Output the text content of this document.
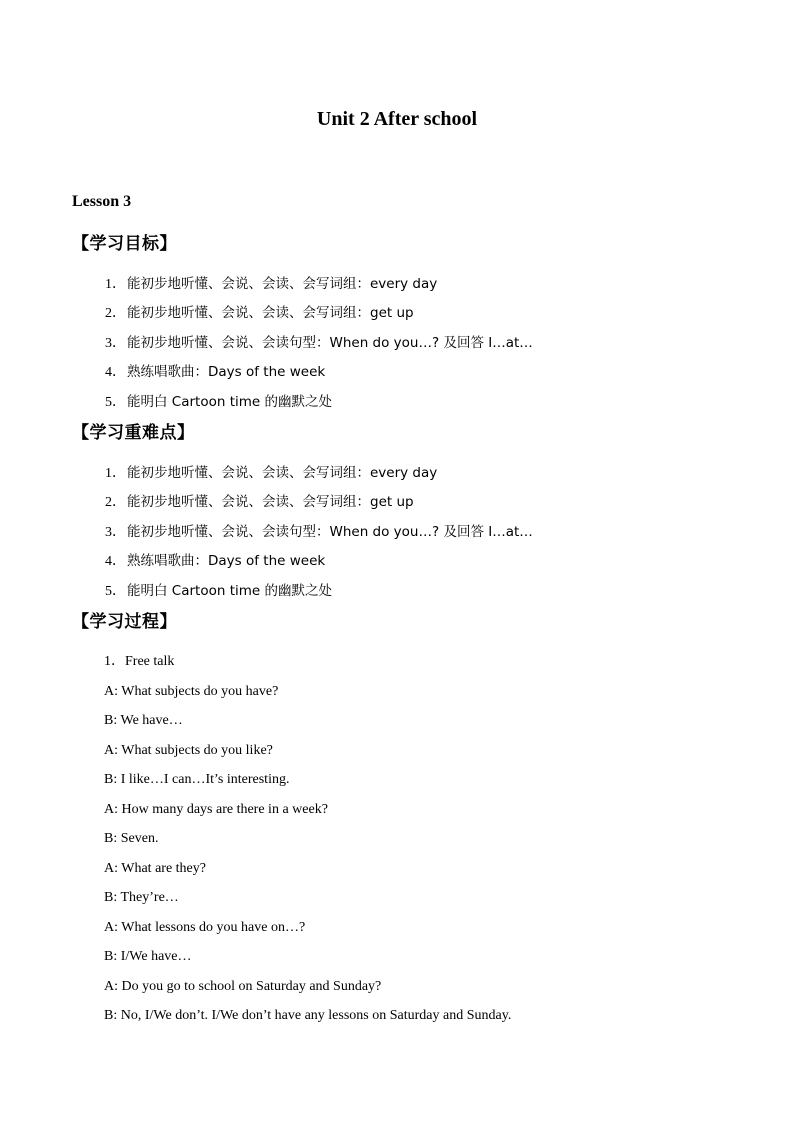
Unit 2 After school
Lesson 3
【学习目标】
1．能初步地听懂、会说、会读、会写词组：every day
2．能初步地听懂、会说、会读、会写词组：get up
3．能初步地听懂、会说、会读句型：When do you…? 及回答 I…at…
4．熟练唱歌曲：Days of the week
5．能明白 Cartoon time 的幽默之处
【学习重难点】
1．能初步地听懂、会说、会读、会写词组：every day
2．能初步地听懂、会说、会读、会写词组：get up
3．能初步地听懂、会说、会读句型：When do you…? 及回答 I…at…
4．熟练唱歌曲：Days of the week
5．能明白 Cartoon time 的幽默之处
【学习过程】
1．Free talk
A: What subjects do you have?
B: We have…
A: What subjects do you like?
B: I like…I can…It’s interesting.
A: How many days are there in a week?
B: Seven.
A: What are they?
B: They’re…
A: What lessons do you have on…?
B: I/We have…
A: Do you go to school on Saturday and Sunday?
B: No, I/We don’t. I/We don’t have any lessons on Saturday and Sunday.
